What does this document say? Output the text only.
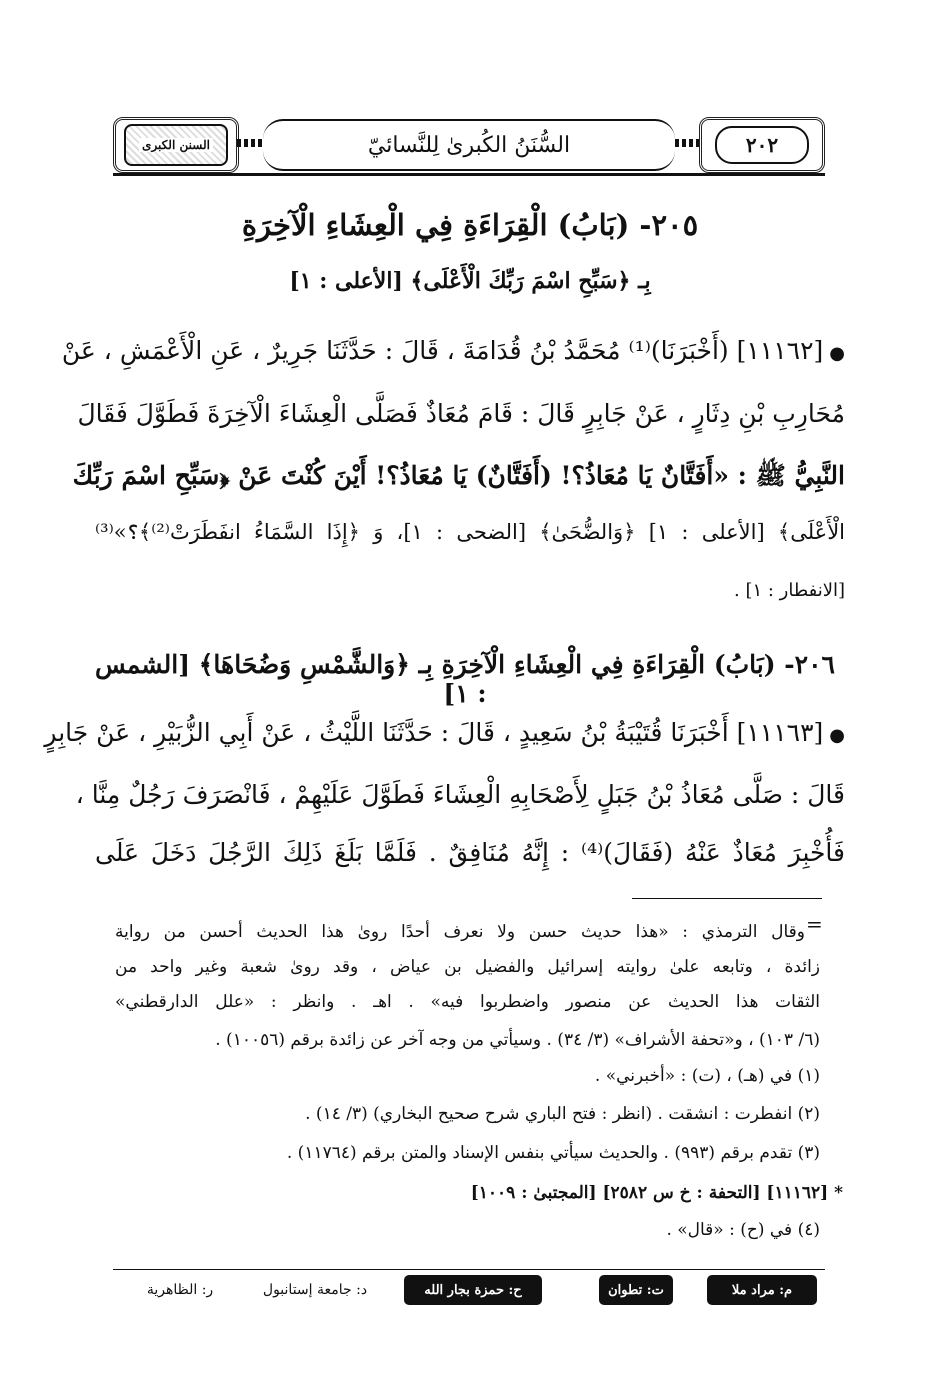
السنن الكبرى	السُّنَنُ الكُبرىٰ لِلنَّسائيّ	٢٠٢
٢٠٥- (بَابُ) الْقِرَاءَةِ فِي الْعِشَاءِ الْآخِرَةِ
بِـ ﴿سَبِّحِ اسْمَ رَبِّكَ الْأَعْلَى﴾ [الأعلى : ١]
●[١١١٦٢] (أَخْبَرَنَا)⁽¹⁾ مُحَمَّدُ بْنُ قُدَامَةَ ، قَالَ : حَدَّثَنَا جَرِيرٌ ، عَنِ الْأَعْمَشِ ، عَنْ
مُحَارِبِ بْنِ دِثَارٍ ، عَنْ جَابِرٍ قَالَ : قَامَ مُعَاذٌ فَصَلَّى الْعِشَاءَ الْآخِرَةَ فَطَوَّلَ فَقَالَ
النَّبِيُّ ﷺ : «أَفَتَّانٌ يَا مُعَاذُ؟! (أَفَتَّانٌ) يَا مُعَاذُ؟! أَيْنَ كُنْتَ عَنْ ﴿سَبِّحِ اسْمَ رَبِّكَ
الْأَعْلَى﴾ [الأعلى : ١] ﴿وَالضُّحَىٰ﴾ [الضحى : ١]، وَ ﴿إِذَا السَّمَاءُ انفَطَرَتْ⁽²⁾﴾؟»⁽³⁾
[الانفطار : ١] .
٢٠٦- (بَابُ) الْقِرَاءَةِ فِي الْعِشَاءِ الْآخِرَةِ بِـ ﴿وَالشَّمْسِ وَضُحَاهَا﴾ [الشمس : ١]
●[١١١٦٣] أَخْبَرَنَا قُتَيْبَةُ بْنُ سَعِيدٍ ، قَالَ : حَدَّثَنَا اللَّيْثُ ، عَنْ أَبِي الزُّبَيْرِ ، عَنْ جَابِرٍ
قَالَ : صَلَّى مُعَاذُ بْنُ جَبَلٍ لِأَصْحَابِهِ الْعِشَاءَ فَطَوَّلَ عَلَيْهِمْ ، فَانْصَرَفَ رَجُلٌ مِنَّا ،
فَأُخْبِرَ مُعَاذٌ عَنْهُ (فَقَالَ)⁽⁴⁾ : إِنَّهُ مُنَافِقٌ . فَلَمَّا بَلَغَ ذَلِكَ الرَّجُلَ دَخَلَ عَلَى
=
وقال الترمذي : «هذا حديث حسن ولا نعرف أحدًا روىٰ هذا الحديث أحسن من رواية
زائدة ، وتابعه علىٰ روايته إسرائيل والفضيل بن عياض ، وقد روىٰ شعبة وغير واحد من
الثقات هذا الحديث عن منصور واضطربوا فيه» . اهـ . وانظر : «علل الدارقطني»
(٦/ ١٠٣) ، و«تحفة الأشراف» (٣/ ٣٤) . وسيأتي من وجه آخر عن زائدة برقم (١٠٠٥٦) .
(١) في (هـ) ، (ت) : «أخبرني» .
(٢) انفطرت : انشقت . (انظر : فتح الباري شرح صحيح البخاري) (٣/ ١٤) .
(٣) تقدم برقم (٩٩٣) . والحديث سيأتي بنفس الإسناد والمتن برقم (١١٧٦٤) .
* [١١١٦٢] [التحفة : خ س ٢٥٨٢] [المجتبىٰ : ١٠٠٩]
(٤) في (ح) : «قال» .
م: مراد ملا
ت: تطوان
ح: حمزة بجار الله
د: جامعة إستانبول
ر: الظاهرية
